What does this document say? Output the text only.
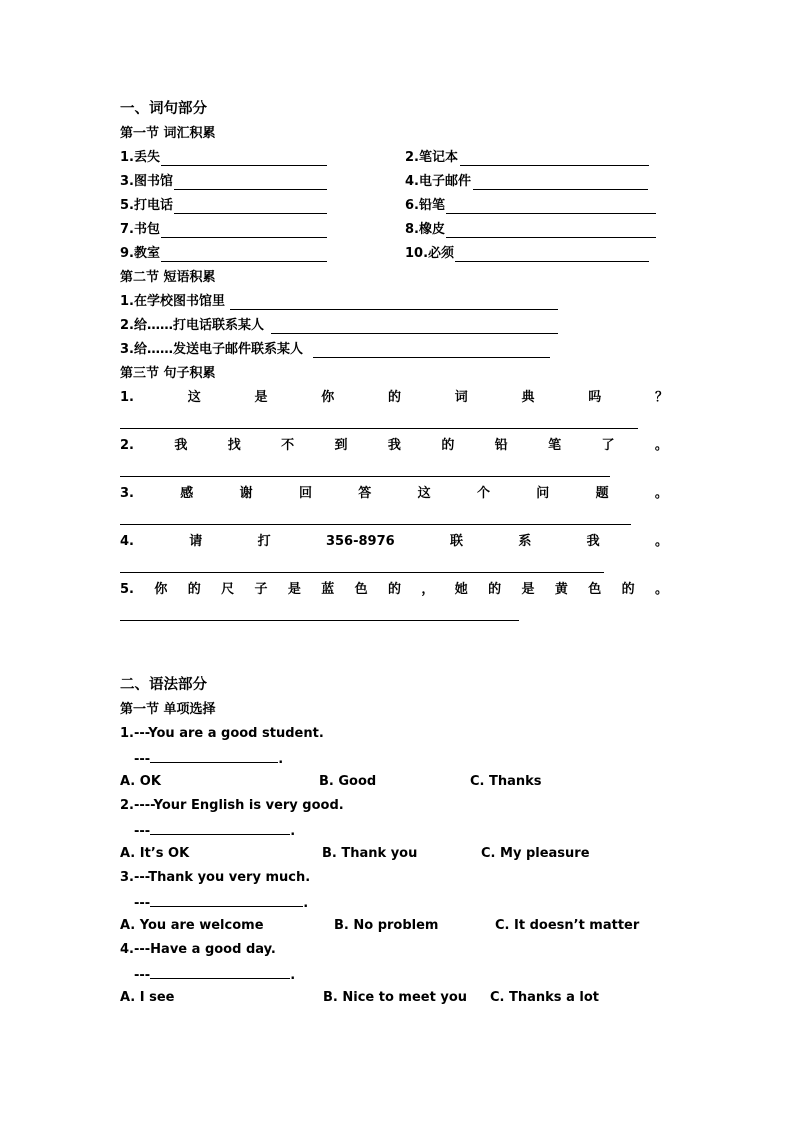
一、词句部分
第一节 词汇积累
1.丢失	2.笔记本
3.图书馆	4.电子邮件
5.打电话	6.铅笔
7.书包	8.橡皮
9.教室	10.必须
第二节 短语积累
1.在学校图书馆里
2.给……打电话联系某人
3.给……发送电子邮件联系某人
第三节 句子积累
1.	这	是	你	的	词	典	吗	？
2.	我	找	不	到	我	的	铅	笔	了	。
3.	感	谢	回	答	这	个	问	题	。
4.	请	打	356-8976	联	系	我	。
5. 你 的 尺 子 是 蓝 色 的 ， 她 的 是 黄 色 的 。
二、语法部分
第一节 单项选择
1.---You are a good student.
---	.
A. OK	B. Good	C. Thanks
2.----Your English is very good.
---	.
A. It’s OK	B. Thank you	C. My pleasure
3.---Thank you very much.
---	.
A. You are welcome	B. No problem	C. It doesn’t matter
4.---Have a good day.
---	.
A. I see	B. Nice to meet you C. Thanks a lot
